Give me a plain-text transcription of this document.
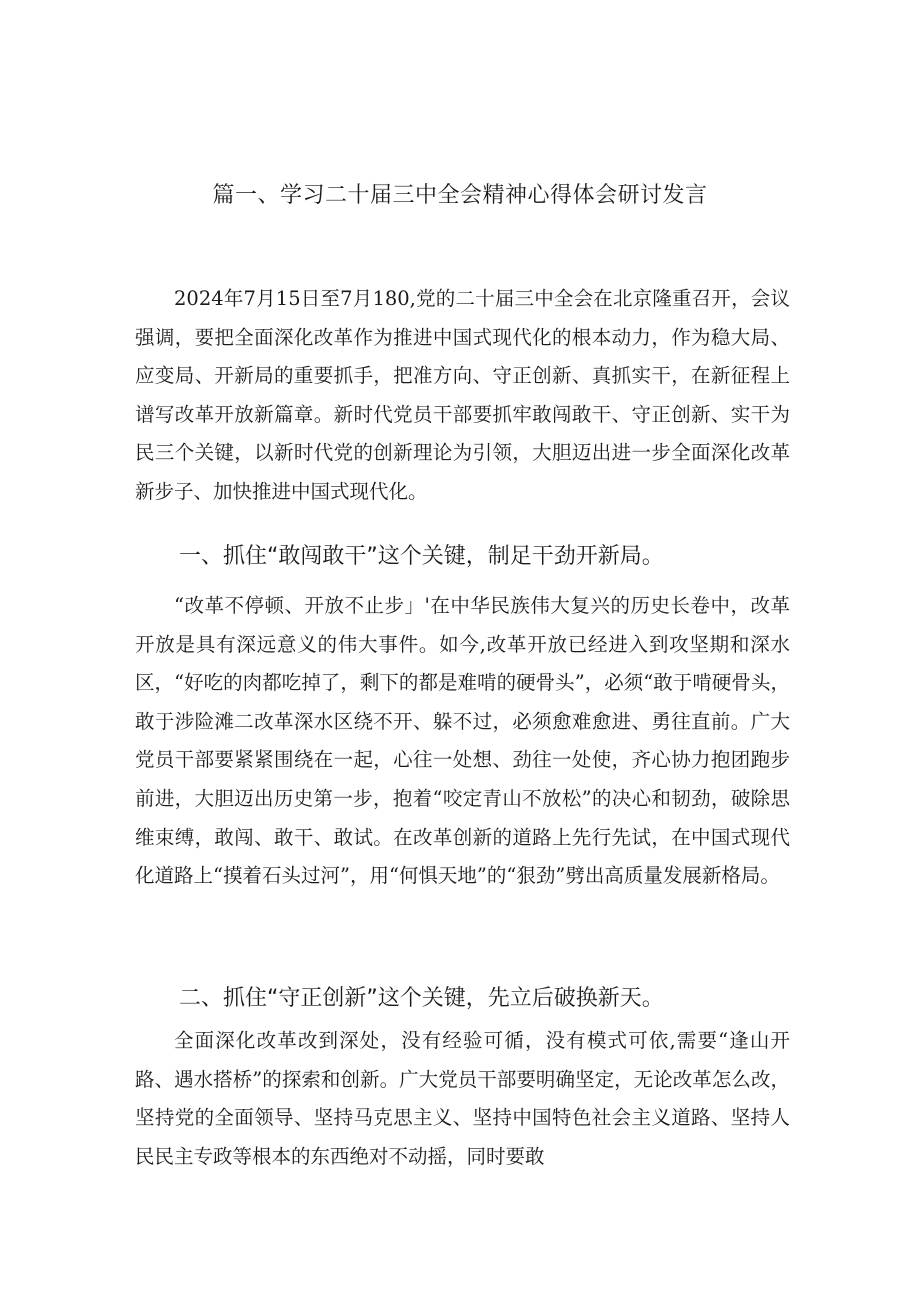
篇一、学习二十届三中全会精神心得体会研讨发言

2024年7月15日至7月180,党的二十届三中全会在北京隆重召开，会议强调，要把全面深化改革作为推进中国式现代化的根本动力，作为稳大局、应变局、开新局的重要抓手，把准方向、守正创新、真抓实干，在新征程上谱写改革开放新篇章。新时代党员干部要抓牢敢闯敢干、守正创新、实干为民三个关键，以新时代党的创新理论为引领，大胆迈出进一步全面深化改革新步子、加快推进中国式现代化。

一、抓住“敢闯敢干”这个关键，制足干劲开新局。

“改革不停顿、开放不止步」'在中华民族伟大复兴的历史长卷中，改革开放是具有深远意义的伟大事件。如今,改革开放已经进入到攻坚期和深水区，“好吃的肉都吃掉了，剩下的都是难啃的硬骨头”，必须“敢于啃硬骨头，敢于涉险滩二改革深水区绕不开、躲不过，必须愈难愈进、勇往直前。广大党员干部要紧紧围绕在一起，心往一处想、劲往一处使，齐心协力抱团跑步前进，大胆迈出历史第一步，抱着“咬定青山不放松”的决心和韧劲，破除思维束缚，敢闯、敢干、敢试。在改革创新的道路上先行先试，在中国式现代化道路上“摸着石头过河”，用“何惧天地”的“狠劲”劈出高质量发展新格局。

二、抓住“守正创新”这个关键，先立后破换新天。

全面深化改革改到深处，没有经验可循，没有模式可依,需要“逢山开路、遇水搭桥”的探索和创新。广大党员干部要明确坚定，无论改革怎么改，坚持党的全面领导、坚持马克思主义、坚持中国特色社会主义道路、坚持人民民主专政等根本的东西绝对不动摇，同时要敢
